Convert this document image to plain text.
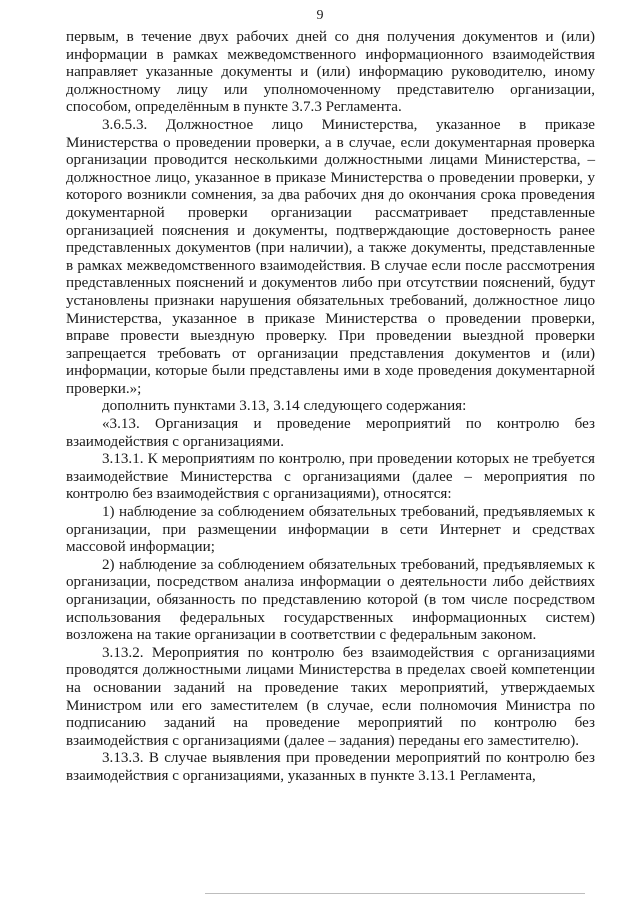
9

первым, в течение двух рабочих дней со дня получения документов и (или) информации в рамках межведомственного информационного взаимодействия направляет указанные документы и (или) информацию руководителю, иному должностному лицу или уполномоченному представителю организации, способом, определённым в пункте 3.7.3 Регламента.

3.6.5.3. Должностное лицо Министерства, указанное в приказе Министерства о проведении проверки, а в случае, если документарная проверка организации проводится несколькими должностными лицами Министерства, – должностное лицо, указанное в приказе Министерства о проведении проверки, у которого возникли сомнения, за два рабочих дня до окончания срока проведения документарной проверки организации рассматривает представленные организацией пояснения и документы, подтверждающие достоверность ранее представленных документов (при наличии), а также документы, представленные в рамках межведомственного взаимодействия. В случае если после рассмотрения представленных пояснений и документов либо при отсутствии пояснений, будут установлены признаки нарушения обязательных требований, должностное лицо Министерства, указанное в приказе Министерства о проведении проверки, вправе провести выездную проверку. При проведении выездной проверки запрещается требовать от организации представления документов и (или) информации, которые были представлены ими в ходе проведения документарной проверки.»;

дополнить пунктами 3.13, 3.14 следующего содержания:

«3.13. Организация и проведение мероприятий по контролю без взаимодействия с организациями.

3.13.1. К мероприятиям по контролю, при проведении которых не требуется взаимодействие Министерства с организациями (далее – мероприятия по контролю без взаимодействия с организациями), относятся:

1) наблюдение за соблюдением обязательных требований, предъявляемых к организации, при размещении информации в сети Интернет и средствах массовой информации;

2) наблюдение за соблюдением обязательных требований, предъявляемых к организации, посредством анализа информации о деятельности либо действиях организации, обязанность по представлению которой (в том числе посредством использования федеральных государственных информационных систем) возложена на такие организации в соответствии с федеральным законом.

3.13.2. Мероприятия по контролю без взаимодействия с организациями проводятся должностными лицами Министерства в пределах своей компетенции на основании заданий на проведение таких мероприятий, утверждаемых Министром или его заместителем (в случае, если полномочия Министра по подписанию заданий на проведение мероприятий по контролю без взаимодействия с организациями (далее – задания) переданы его заместителю).

3.13.3. В случае выявления при проведении мероприятий по контролю без взаимодействия с организациями, указанных в пункте 3.13.1 Регламента,
